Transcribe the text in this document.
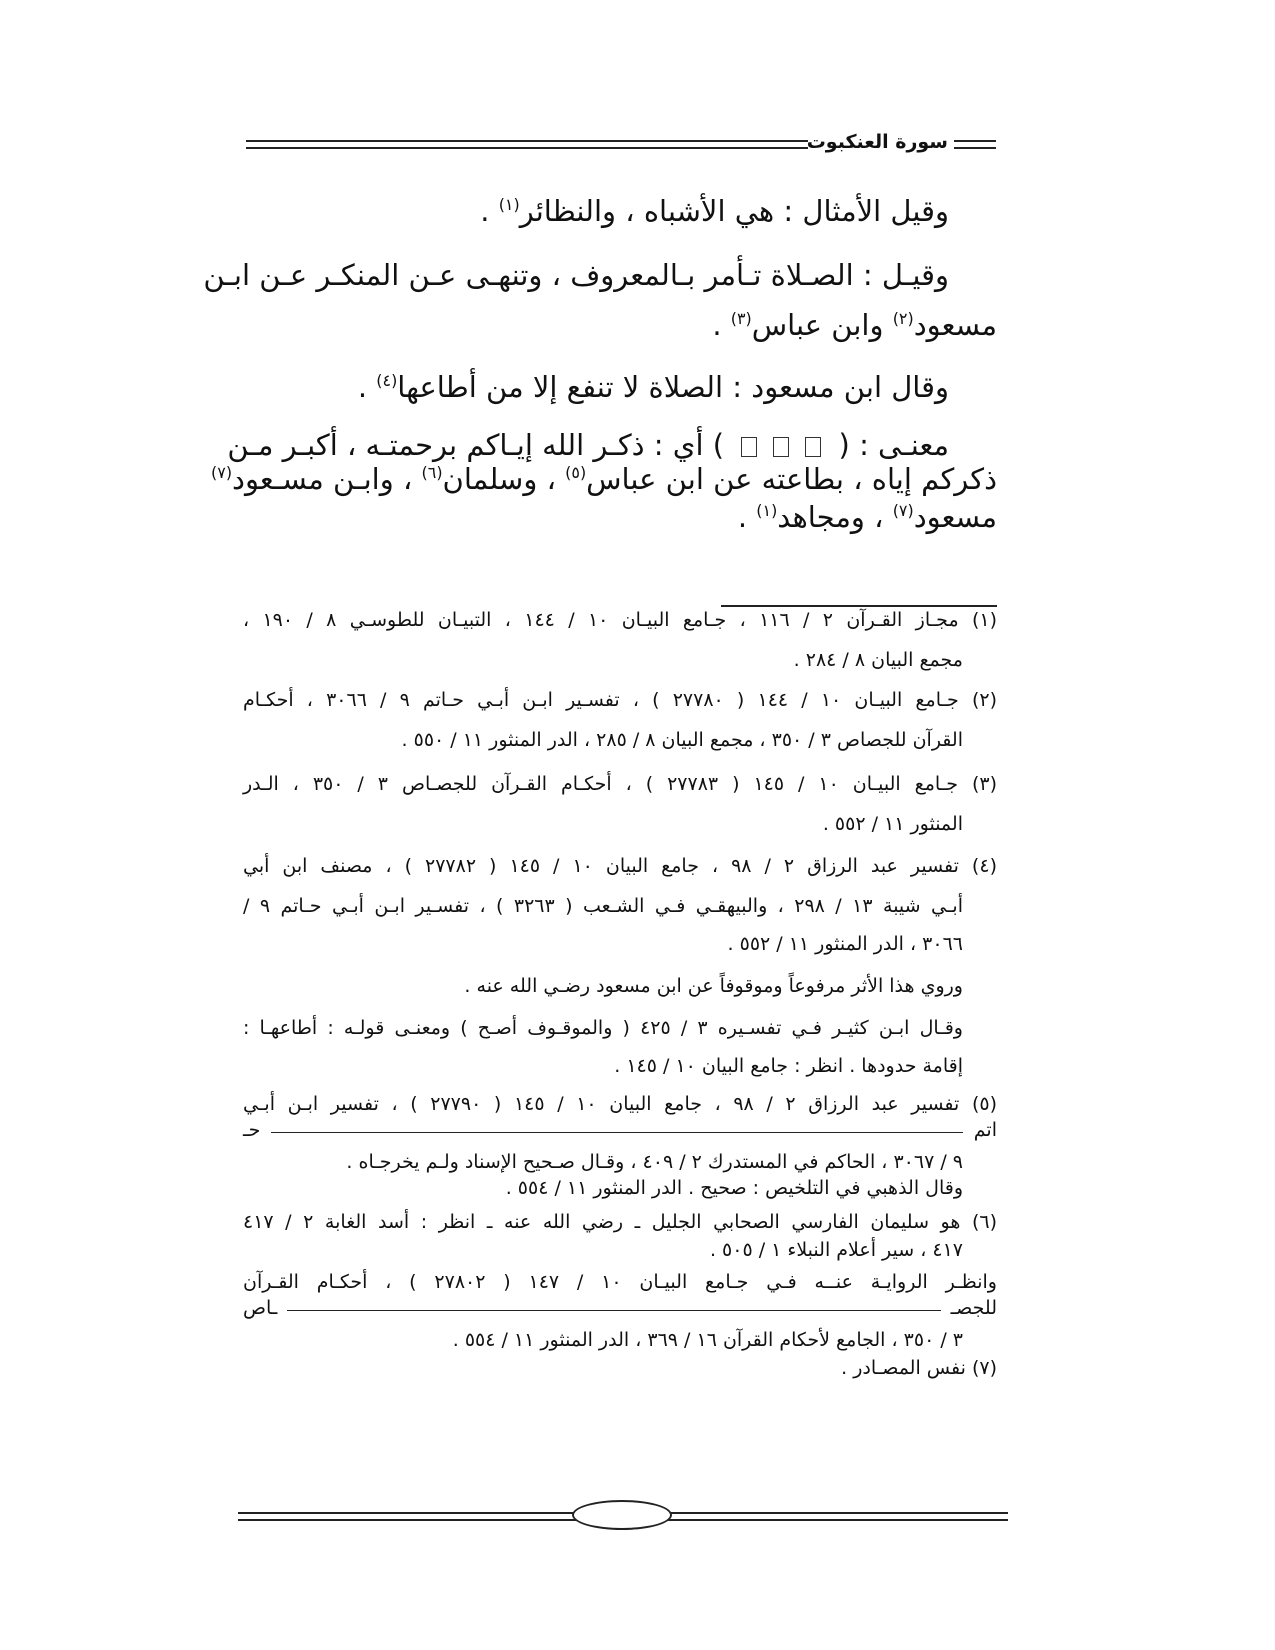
سورة العنكبوت
وقيل الأمثال : هي الأشباه ، والنظائر$^{(١)}$ .
وقيـل : الصـلاة تـأمر بـالمعروف ، وتنهـى عـن المنكـر عـن ابـن
مسعود$^{(٢)}$ وابن عباس$^{(٣)}$ .
وقال ابن مسعود : الصلاة لا تنفع إلا من أطاعها$^{(٤)}$ .
معنـى : (  ) أي : ذكـر الله إيـاكم برحمتـه ، أكبـر مـن
ذكركم إياه ، بطاعته عن ابن عباس$^{(٥)}$ ، وسلمان$^{(٦)}$ ، وابـن مسـعود$^{(٧)}$
مسعود$^{(٧)}$ ، ومجاهد$^{(١)}$ .
(١) مجـاز القـرآن ٢ / ١١٦ ، جـامع البيـان ١٠ / ١٤٤ ، التبيـان للطوسـي ٨ / ١٩٠ ،
مجمع البيان ٨ / ٢٨٤ .
(٢) جـامع البيـان ١٠ / ١٤٤ ( ٢٧٧٨٠ ) ، تفسـير ابـن أبـي حـاتم ٩ / ٣٠٦٦ ، أحكـام
القرآن للجصاص ٣ / ٣٥٠ ، مجمع البيان ٨ / ٢٨٥ ، الدر المنثور ١١ / ٥٥٠ .
(٣) جـامع البيـان ١٠ / ١٤٥ ( ٢٧٧٨٣ ) ، أحكـام القـرآن للجصـاص ٣ / ٣٥٠ ، الـدر
المنثور ١١ / ٥٥٢ .
(٤) تفسير عبد الرزاق ٢ / ٩٨ ، جامع البيان ١٠ / ١٤٥ ( ٢٧٧٨٢ ) ، مصنف ابن أبي
أبـي شيبة ١٣ / ٢٩٨ ، والبيهقـي فـي الشـعب ( ٣٢٦٣ ) ، تفسـير ابـن أبـي حـاتم ٩ /
٣٠٦٦ ، الدر المنثور ١١ / ٥٥٢ .
وروي هذا الأثر مرفوعاً وموقوفاً عن ابن مسعود رضـي الله عنه .
وقـال ابـن كثيـر فـي تفسـيره ٣ / ٤٢٥ ( والموقـوف أصـح ) ومعنـى قولـه : أطاعهـا :
إقامة حدودها . انظر : جامع البيان ١٠ / ١٤٥ .
(٥) تفسير عبد الرزاق ٢ / ٩٨ ، جامع البيان ١٠ / ١٤٥ ( ٢٧٧٩٠ ) ، تفسير ابـن أبـي
حـ	اتم
٩ / ٣٠٦٧ ، الحاكم في المستدرك ٢ / ٤٠٩ ، وقـال صـحيح الإسناد ولـم يخرجـاه .
وقال الذهبي في التلخيص : صحيح . الدر المنثور ١١ / ٥٥٤ .
(٦) هو سليمان الفارسي الصحابي الجليل ـ رضي الله عنه ـ انظر : أسد الغابة ٢ / ٤١٧
٤١٧ ، سير أعلام النبلاء ١ / ٥٠٥ .
وانظـر الروايـة عنــه فـي جـامع البيـان ١٠ / ١٤٧ ( ٢٧٨٠٢ ) ، أحكـام القـرآن
للجصـ
ـاص
٣ / ٣٥٠ ، الجامع لأحكام القرآن ١٦ / ٣٦٩ ، الدر المنثور ١١ / ٥٥٤ .
(٧) نفس المصـادر .
